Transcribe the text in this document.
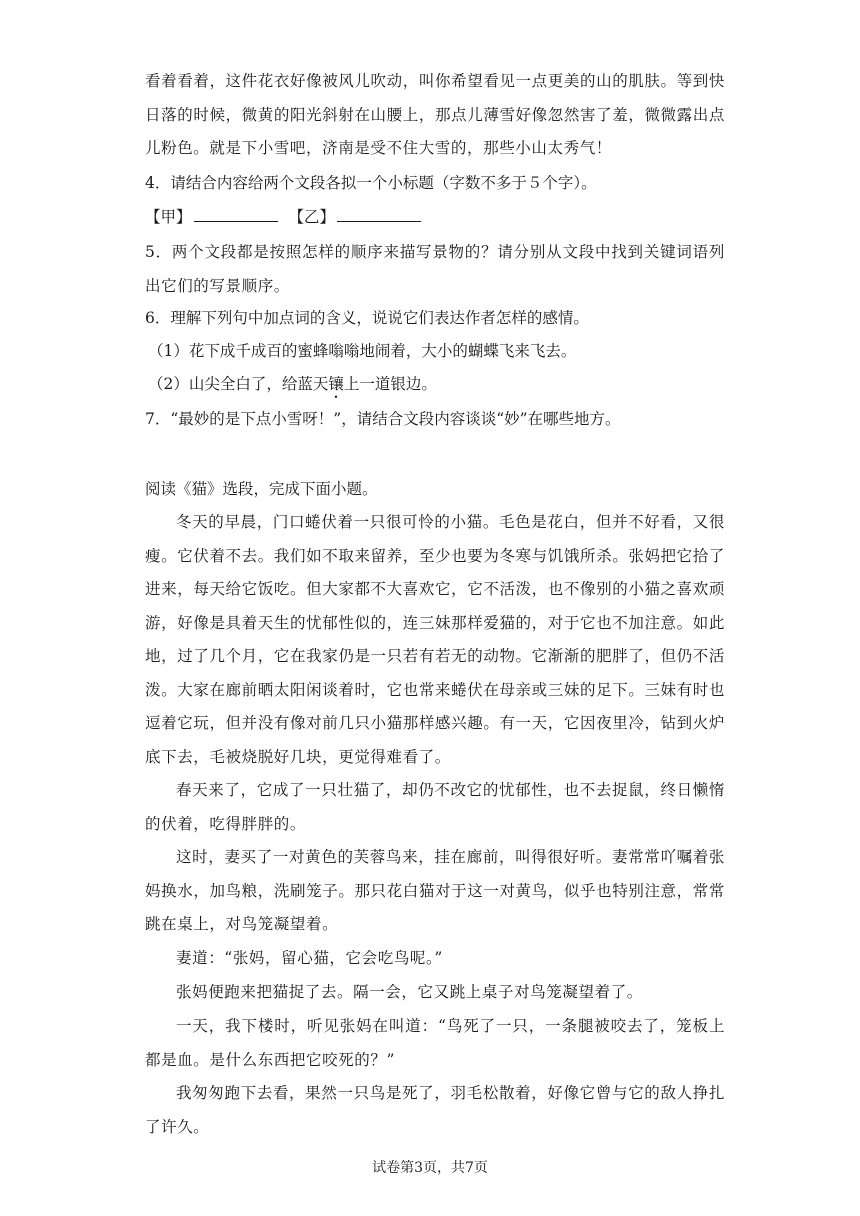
看着看着，这件花衣好像被风儿吹动，叫你希望看见一点更美的山的肌肤。等到快日落的时候，微黄的阳光斜射在山腰上，那点儿薄雪好像忽然害了羞，微微露出点儿粉色。就是下小雪吧，济南是受不住大雪的，那些小山太秀气！

4．请结合内容给两个文段各拟一个小标题（字数不多于５个字）。

【甲】	【乙】

5．两个文段都是按照怎样的顺序来描写景物的？请分别从文段中找到关键词语列出它们的写景顺序。

6．理解下列句中加点词的含义，说说它们表达作者怎样的感情。

（1）花下成千成百的蜜蜂嗡嗡地闹着，大小的蝴蝶飞来飞去。

（2）山尖全白了，给蓝天镶上一道银边。

7．“最妙的是下点小雪呀！”，请结合文段内容谈谈“妙”在哪些地方。

阅读《猫》选段，完成下面小题。

冬天的早晨，门口蜷伏着一只很可怜的小猫。毛色是花白，但并不好看，又很瘦。它伏着不去。我们如不取来留养，至少也要为冬寒与饥饿所杀。张妈把它拾了进来，每天给它饭吃。但大家都不大喜欢它，它不活泼，也不像别的小猫之喜欢顽游，好像是具着天生的忧郁性似的，连三妹那样爱猫的，对于它也不加注意。如此地，过了几个月，它在我家仍是一只若有若无的动物。它渐渐的肥胖了，但仍不活泼。大家在廊前晒太阳闲谈着时，它也常来蜷伏在母亲或三妹的足下。三妹有时也逗着它玩，但并没有像对前几只小猫那样感兴趣。有一天，它因夜里冷，钻到火炉底下去，毛被烧脱好几块，更觉得难看了。

春天来了，它成了一只壮猫了，却仍不改它的忧郁性，也不去捉鼠，终日懒惰的伏着，吃得胖胖的。

这时，妻买了一对黄色的芙蓉鸟来，挂在廊前，叫得很好听。妻常常吖嘱着张妈换水，加鸟粮，洗刷笼子。那只花白猫对于这一对黄鸟，似乎也特别注意，常常跳在桌上，对鸟笼凝望着。

妻道：“张妈，留心猫，它会吃鸟呢。”

张妈便跑来把猫捉了去。隔一会，它又跳上桌子对鸟笼凝望着了。

一天，我下楼时，听见张妈在叫道：“鸟死了一只，一条腿被咬去了，笼板上都是血。是什么东西把它咬死的？”

我匆匆跑下去看，果然一只鸟是死了，羽毛松散着，好像它曾与它的敌人挣扎了许久。

试卷第3页，共7页
